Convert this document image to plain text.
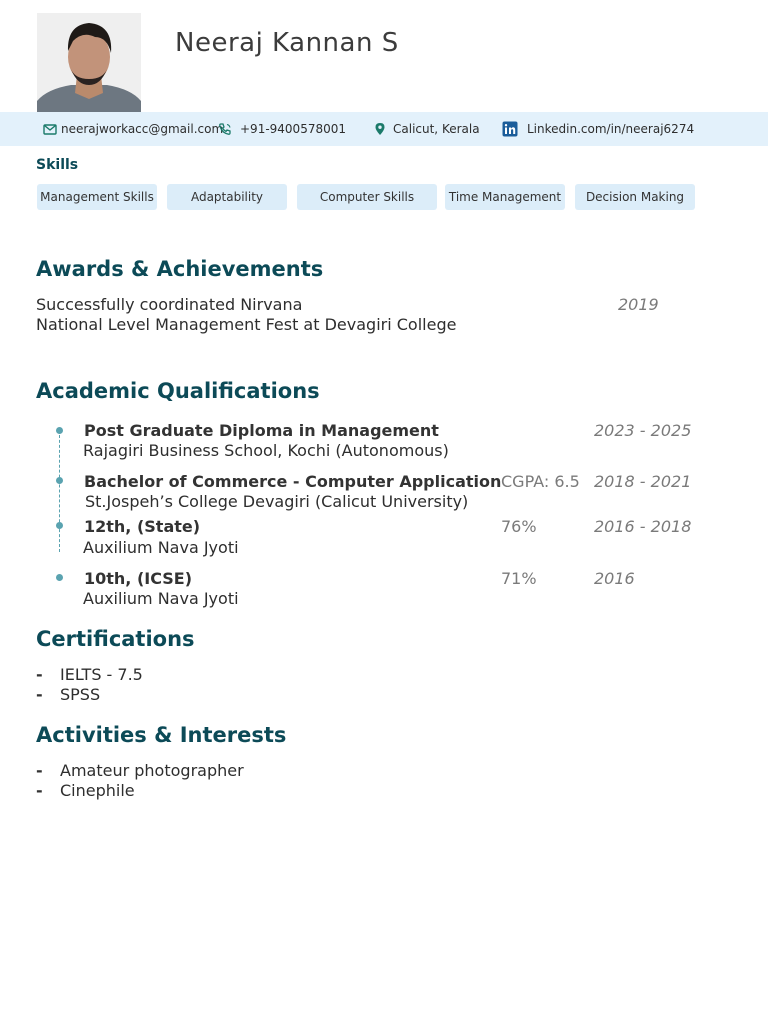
Neeraj Kannan S
neerajworkacc@gmail.com +91-9400578001	Calicut, Kerala	Linkedin.com/in/neeraj6274
Skills
Management Skills	Adaptability	Computer Skills	Time Management	Decision Making
Awards & Achievements
Successfully coordinated Nirvana
National Level Management Fest at Devagiri College
2019
Academic Qualifications
Post Graduate Diploma in Management
Rajagiri Business School, Kochi (Autonomous)
2023 - 2025
Bachelor of Commerce - Computer Application
St.Jospeh’s College Devagiri (Calicut University)
CGPA: 6.5 2018 - 2021
12th, (State)
Auxilium Nava Jyoti
76%	2016 - 2018
10th, (ICSE)
Auxilium Nava Jyoti
71%	2016
Certifications
- IELTS - 7.5
- SPSS
Activities & Interests
- Amateur photographer
- Cinephile
